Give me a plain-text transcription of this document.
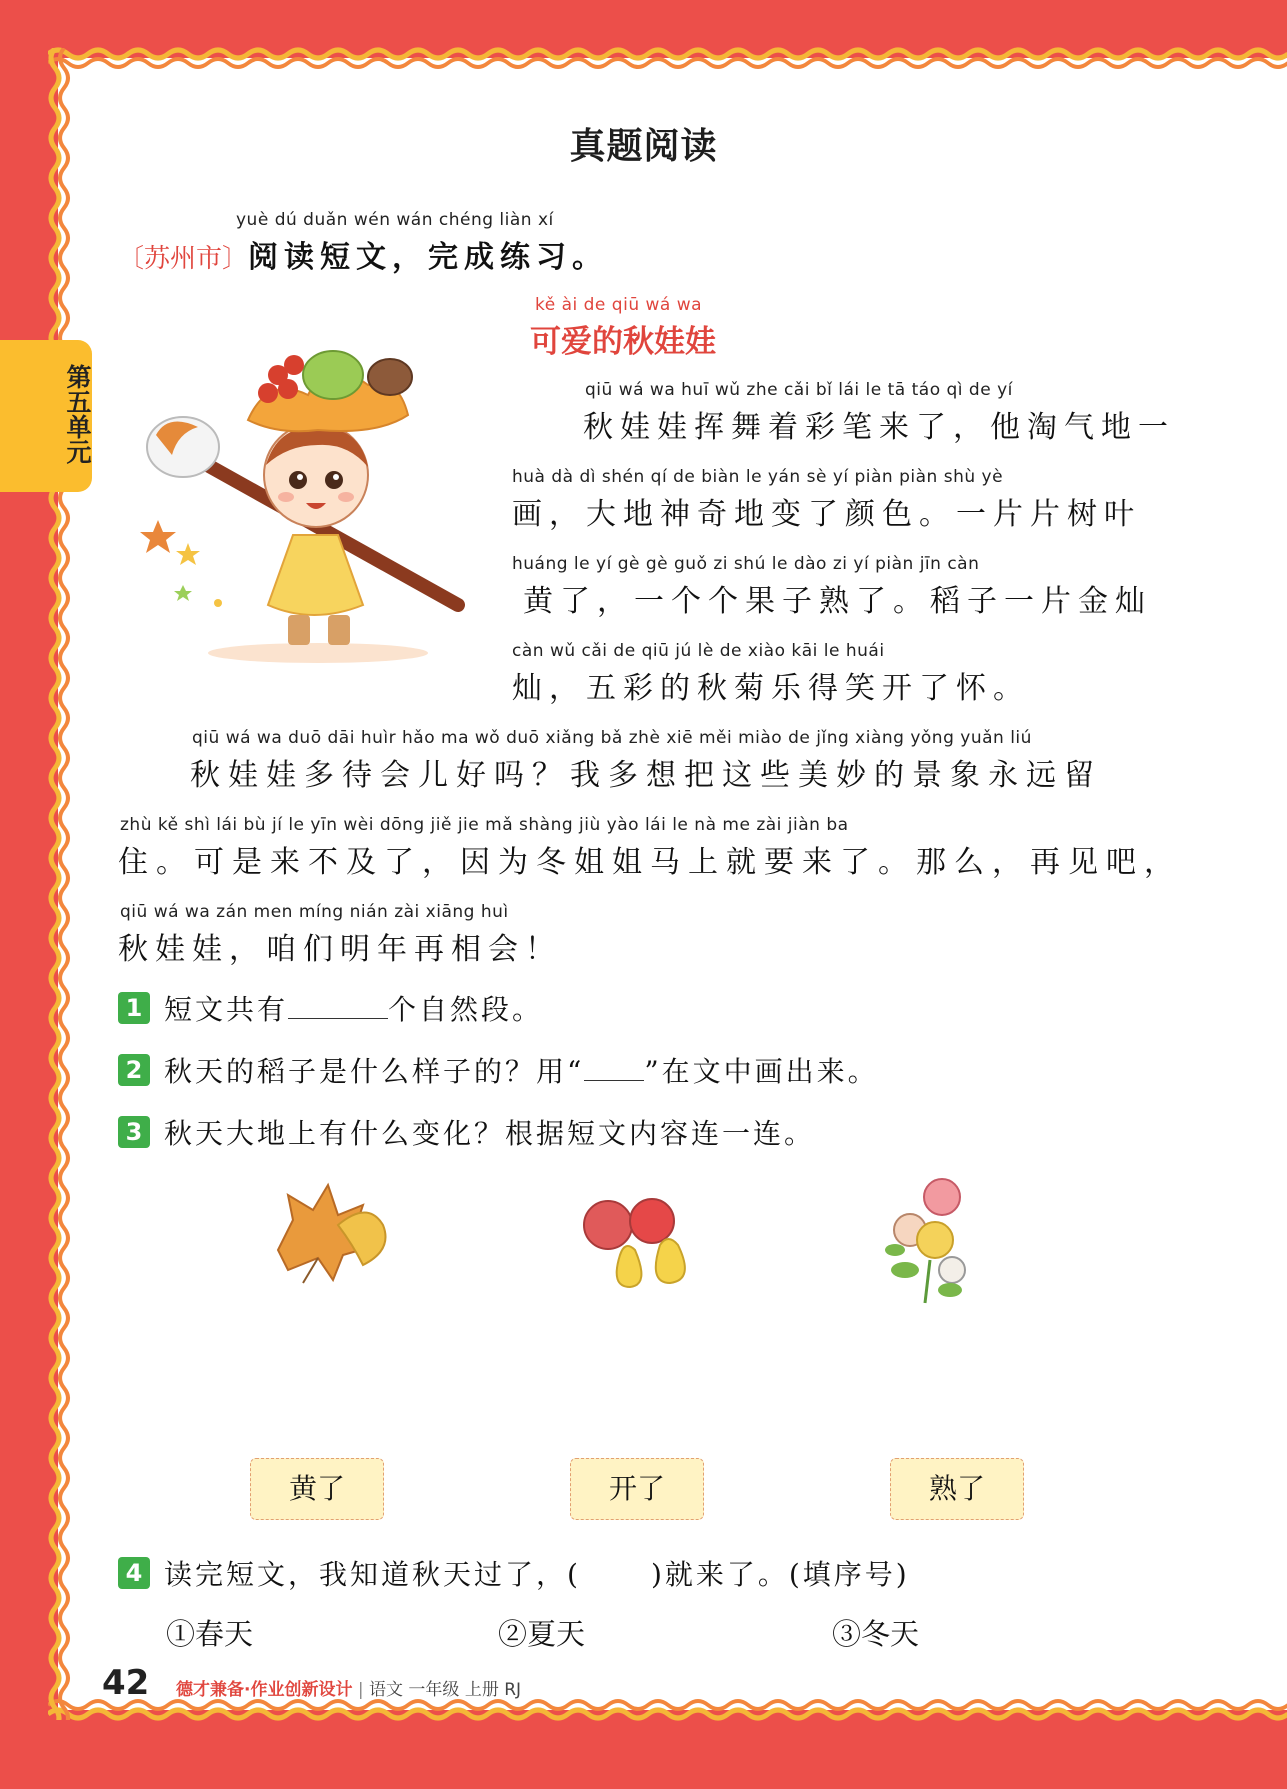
第五单元
真题阅读
yuè dú duǎn wén wán chéng liàn xí
〔苏州市〕阅读短文，完成练习。
kě ài de qiū wá wa
可爱的秋娃娃
qiū wá wa huī wǔ zhe cǎi bǐ lái le tā táo qì de yí
秋娃娃挥舞着彩笔来了，他淘气地一
huà dà dì shén qí de biàn le yán sè yí piàn piàn shù yè
画，大地神奇地变了颜色。一片片树叶
huáng le yí gè gè guǒ zi shú le dào zi yí piàn jīn càn
黄了，一个个果子熟了。稻子一片金灿
càn wǔ cǎi de qiū jú lè de xiào kāi le huái
灿，五彩的秋菊乐得笑开了怀。
qiū wá wa duō dāi huìr hǎo ma wǒ duō xiǎng bǎ zhè xiē měi miào de jǐng xiàng yǒng yuǎn liú
秋娃娃多待会儿好吗？我多想把这些美妙的景象永远留
zhù kě shì lái bù jí le yīn wèi dōng jiě jie mǎ shàng jiù yào lái le nà me zài jiàn ba
住。可是来不及了，因为冬姐姐马上就要来了。那么，再见吧，
qiū wá wa zán men míng nián zài xiāng huì
秋娃娃，咱们明年再相会！
1 短文共有	个自然段。
2 秋天的稻子是什么样子的？用“ ”在文中画出来。
3 秋天大地上有什么变化？根据短文内容连一连。
黄了	开了	熟了
4 读完短文，我知道秋天过了，(	)就来了。(填序号)
①春天	②夏天	③冬天
42 德才兼备·作业创新设计 | 语文 一年级 上册 RJ
